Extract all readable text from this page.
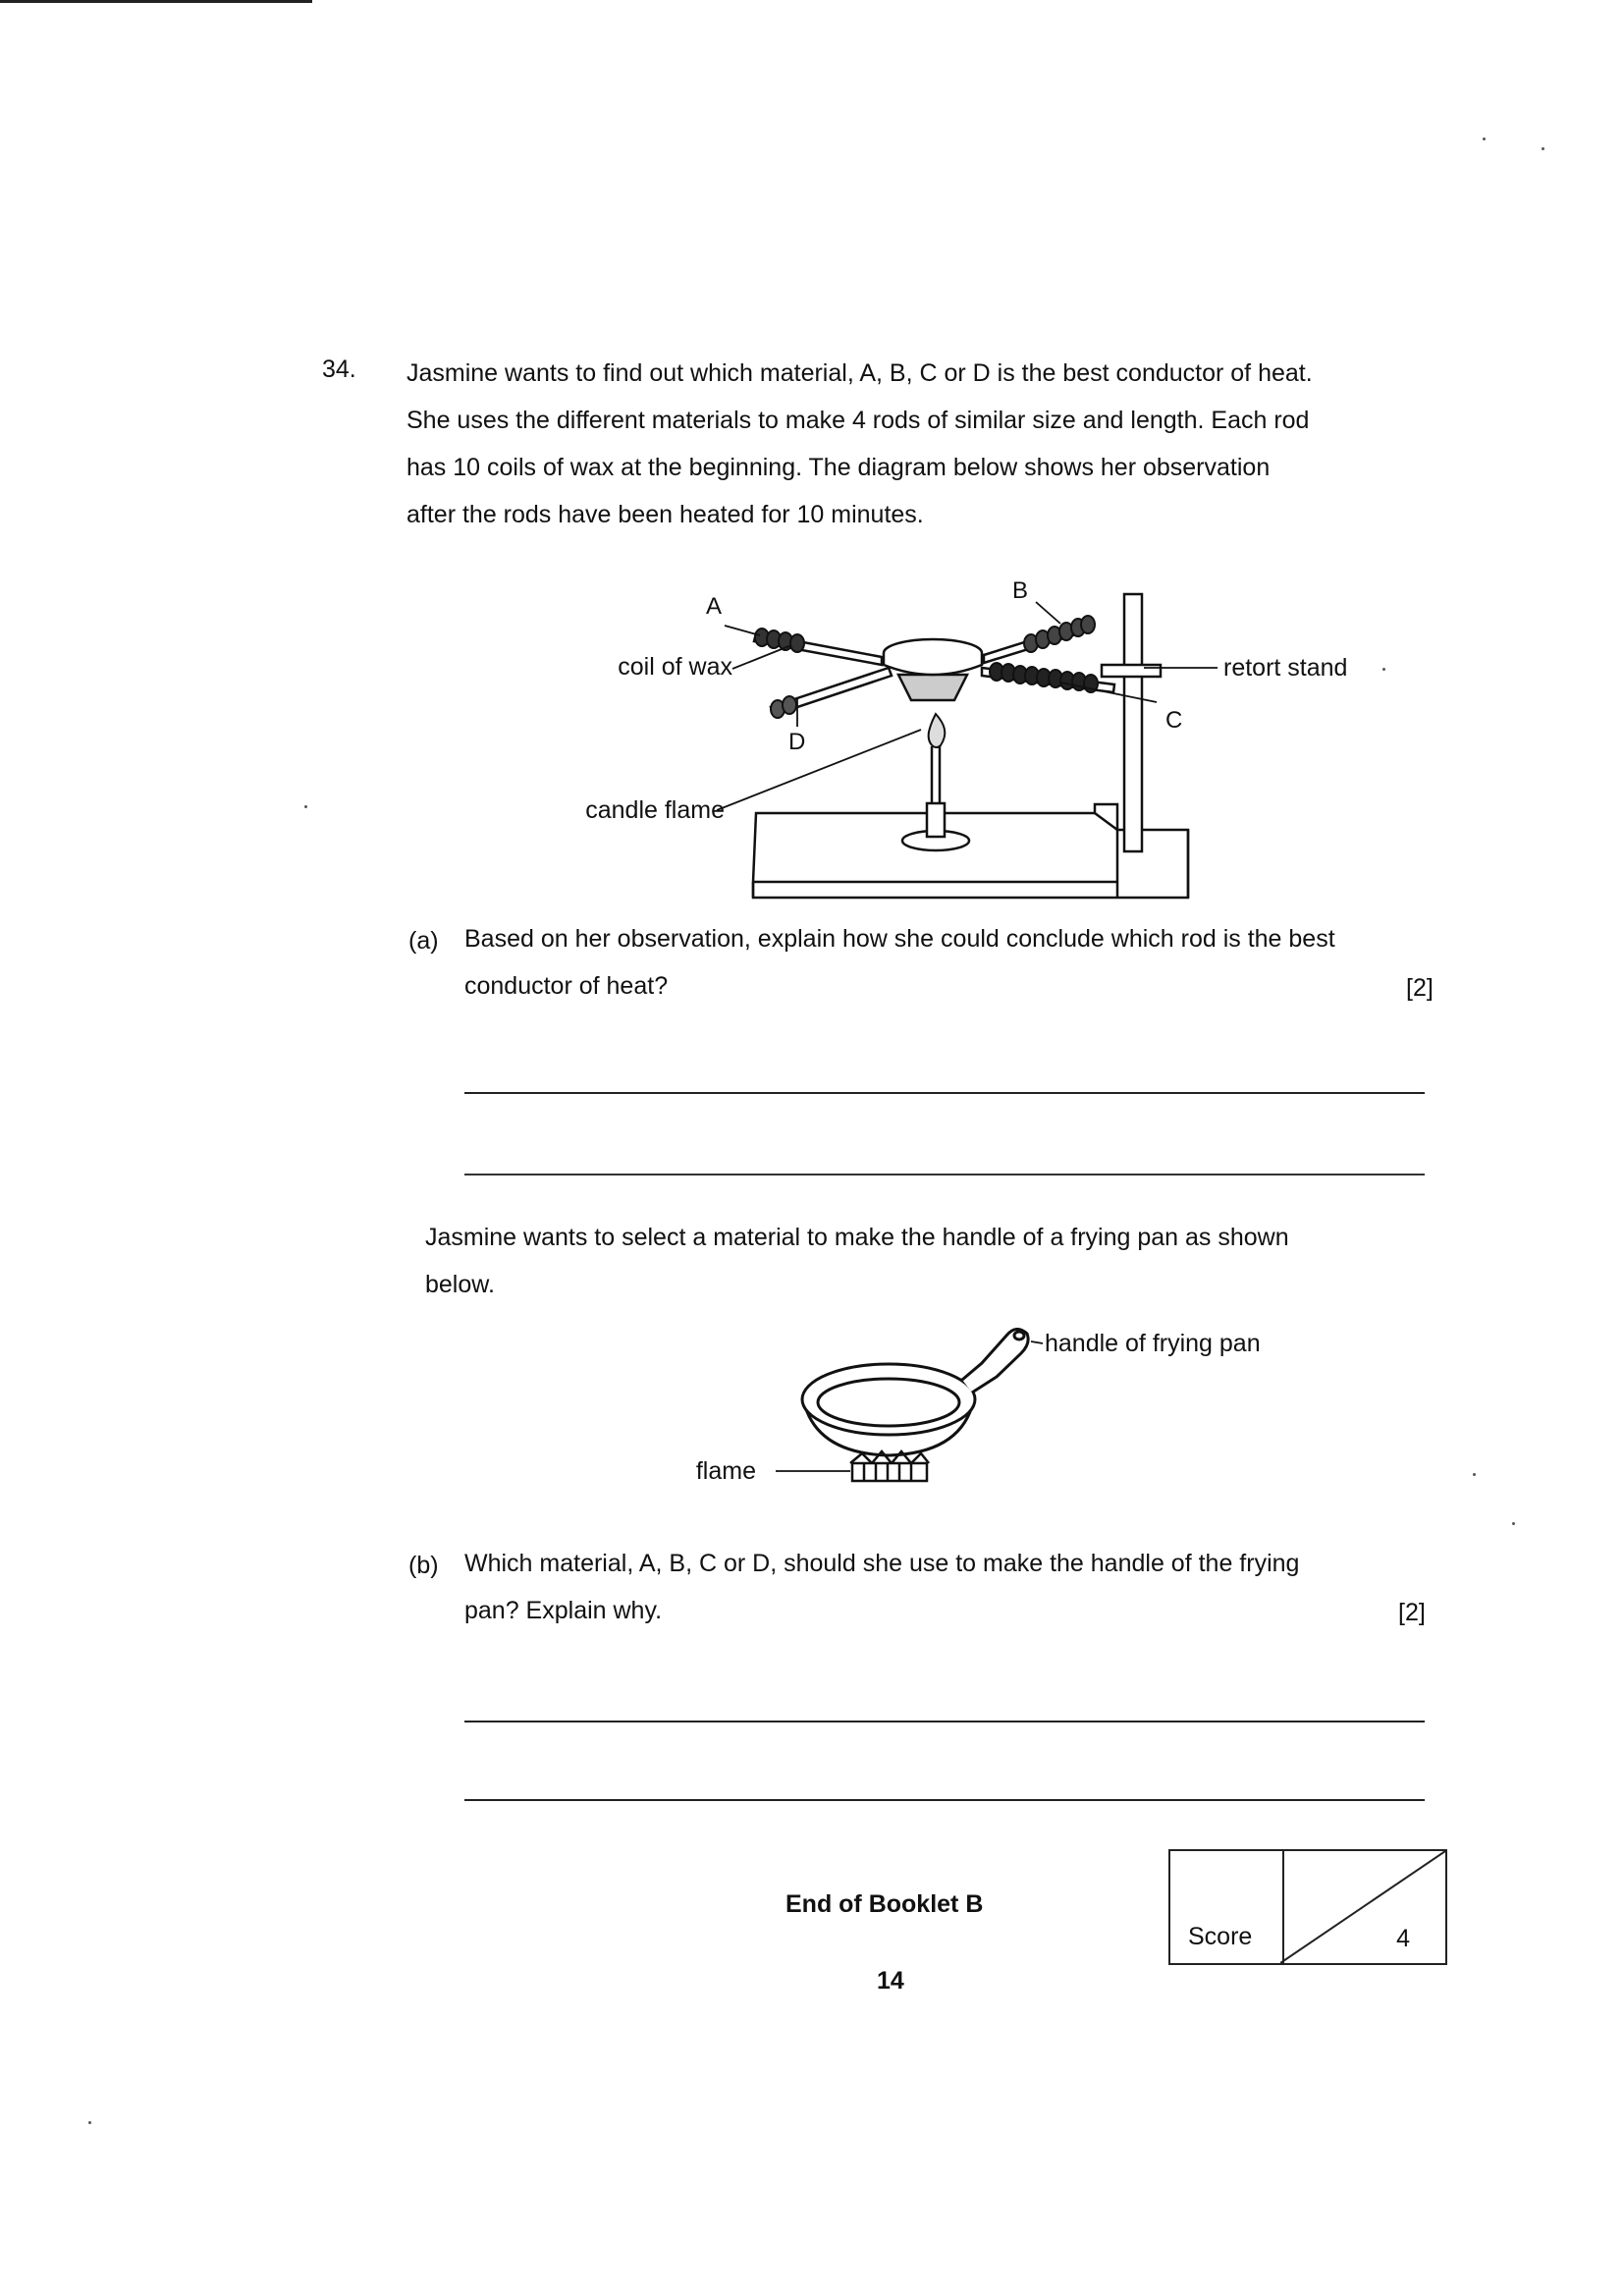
34. Jasmine wants to find out which material, A, B, C or D is the best conductor of heat.
She uses the different materials to make 4 rods of similar size and length. Each rod
has 10 coils of wax at the beginning. The diagram below shows her observation
after the rods have been heated for 10 minutes.

A
B
C
D
coil of wax	retort stand
candle flame
(a) Based on her observation, explain how she could conclude which rod is the best
conductor of heat?	[2]

Jasmine wants to select a material to make the handle of a frying pan as shown
below.

handle of frying pan
flame
(b) Which material, A, B, C or D, should she use to make the handle of the frying
pan? Explain why.	[2]
End of Booklet B
14
Score	4
